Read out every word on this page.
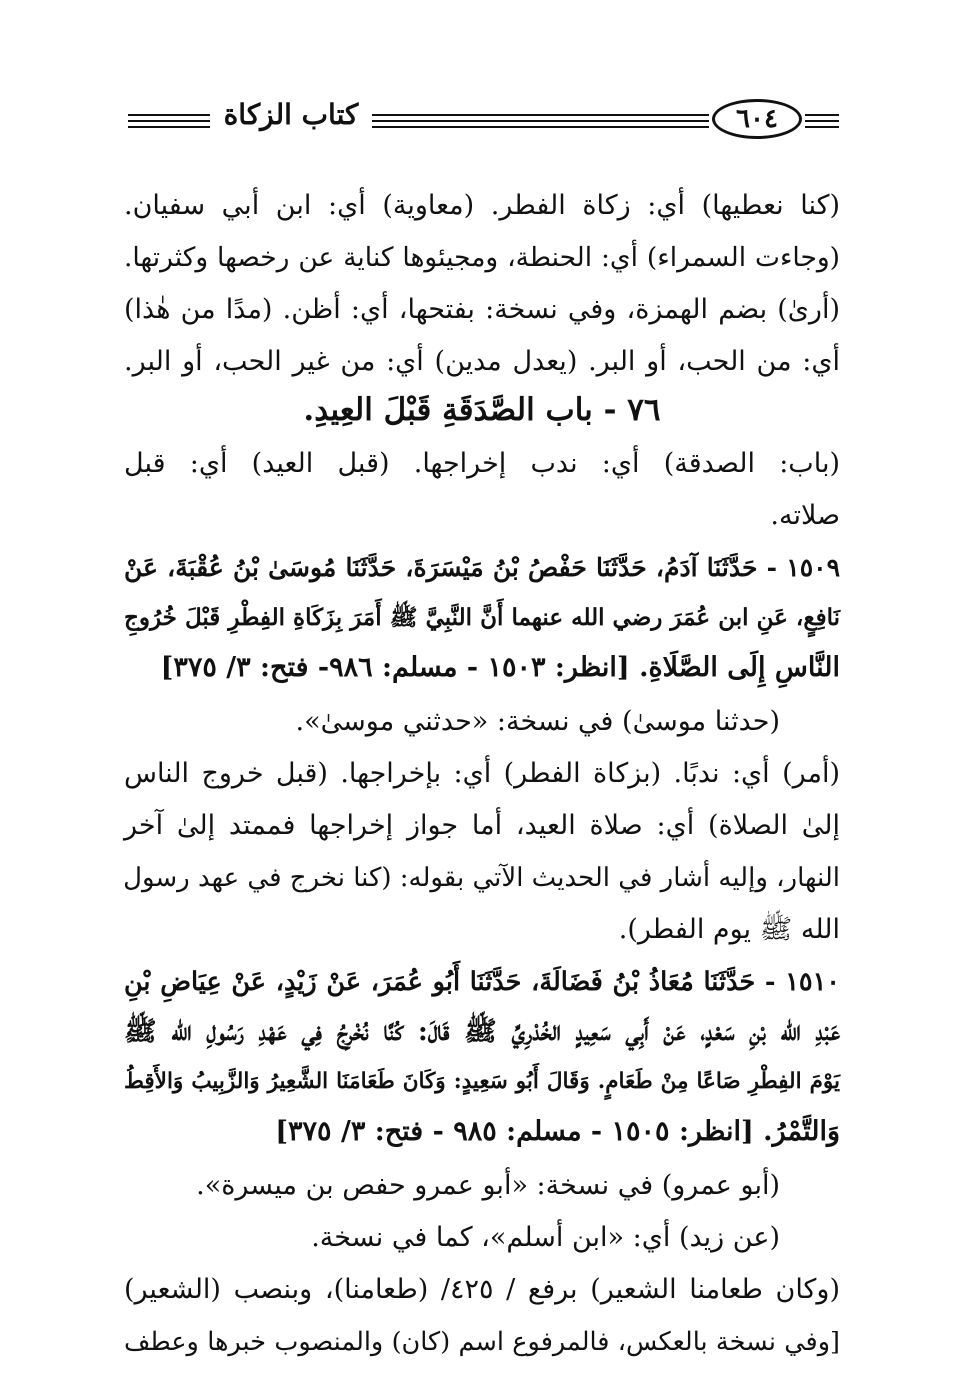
كتاب الزكاة	٦٠٤
(كنا نعطيها) أي: زكاة الفطر. (معاوية) أي: ابن أبي سفيان.
(وجاءت السمراء) أي: الحنطة، ومجيئوها كناية عن رخصها وكثرتها.
(أرىٰ) بضم الهمزة، وفي نسخة: بفتحها، أي: أظن. (مدًا من هٰذا)
أي: من الحب، أو البر. (يعدل مدين) أي: من غير الحب، أو البر.
٧٦ - باب الصَّدَقَةِ قَبْلَ العِيدِ.
(باب: الصدقة) أي: ندب إخراجها. (قبل العيد) أي: قبل
صلاته.
١٥٠٩ - حَدَّثَنَا آدَمُ، حَدَّثَنَا حَفْصُ بْنُ مَيْسَرَةَ، حَدَّثَنَا مُوسَىٰ بْنُ عُقْبَةَ، عَنْ
نَافِعٍ، عَنِ ابن عُمَرَ رضي الله عنهما أَنَّ النَّبِيَّ ﷺ أَمَرَ بِزَكَاةِ الفِطْرِ قَبْلَ خُرُوجِ
النَّاسِ إِلَى الصَّلَاةِ. [انظر: ١٥٠٣ - مسلم: ٩٨٦- فتح: ٣/ ٣٧٥]
(حدثنا موسىٰ) في نسخة: «حدثني موسىٰ».
(أمر) أي: ندبًا. (بزكاة الفطر) أي: بإخراجها. (قبل خروج الناس
إلىٰ الصلاة) أي: صلاة العيد، أما جواز إخراجها فممتد إلىٰ آخر
النهار، وإليه أشار في الحديث الآتي بقوله: (كنا نخرج في عهد رسول
الله ﷺ يوم الفطر).
١٥١٠ - حَدَّثَنَا مُعَاذُ بْنُ فَضَالَةَ، حَدَّثَنَا أَبُو عُمَرَ، عَنْ زَيْدٍ، عَنْ عِيَاضِ بْنِ
عَبْدِ الله بْنِ سَعْدٍ، عَنْ أَبِي سَعِيدٍ الخُدْرِيِّ ﷺ قَالَ: كُنَّا نُخْرِجُ فِي عَهْدِ رَسُولِ الله ﷺ
يَوْمَ الفِطْرِ صَاعًا مِنْ طَعَامٍ. وَقَالَ أَبُو سَعِيدٍ: وَكَانَ طَعَامَنَا الشَّعِيرُ وَالزَّبِيبُ وَالأَقِطُ
وَالتَّمْرُ. [انظر: ١٥٠٥ - مسلم: ٩٨٥ - فتح: ٣/ ٣٧٥]
(أبو عمرو) في نسخة: «أبو عمرو حفص بن ميسرة».
(عن زيد) أي: «ابن أسلم»، كما في نسخة.
(وكان طعامنا الشعير) برفع / ٤٢٥/ (طعامنا)، وبنصب (الشعير)
[وفي نسخة بالعكس، فالمرفوع اسم (كان) والمنصوب خبرها وعطف
